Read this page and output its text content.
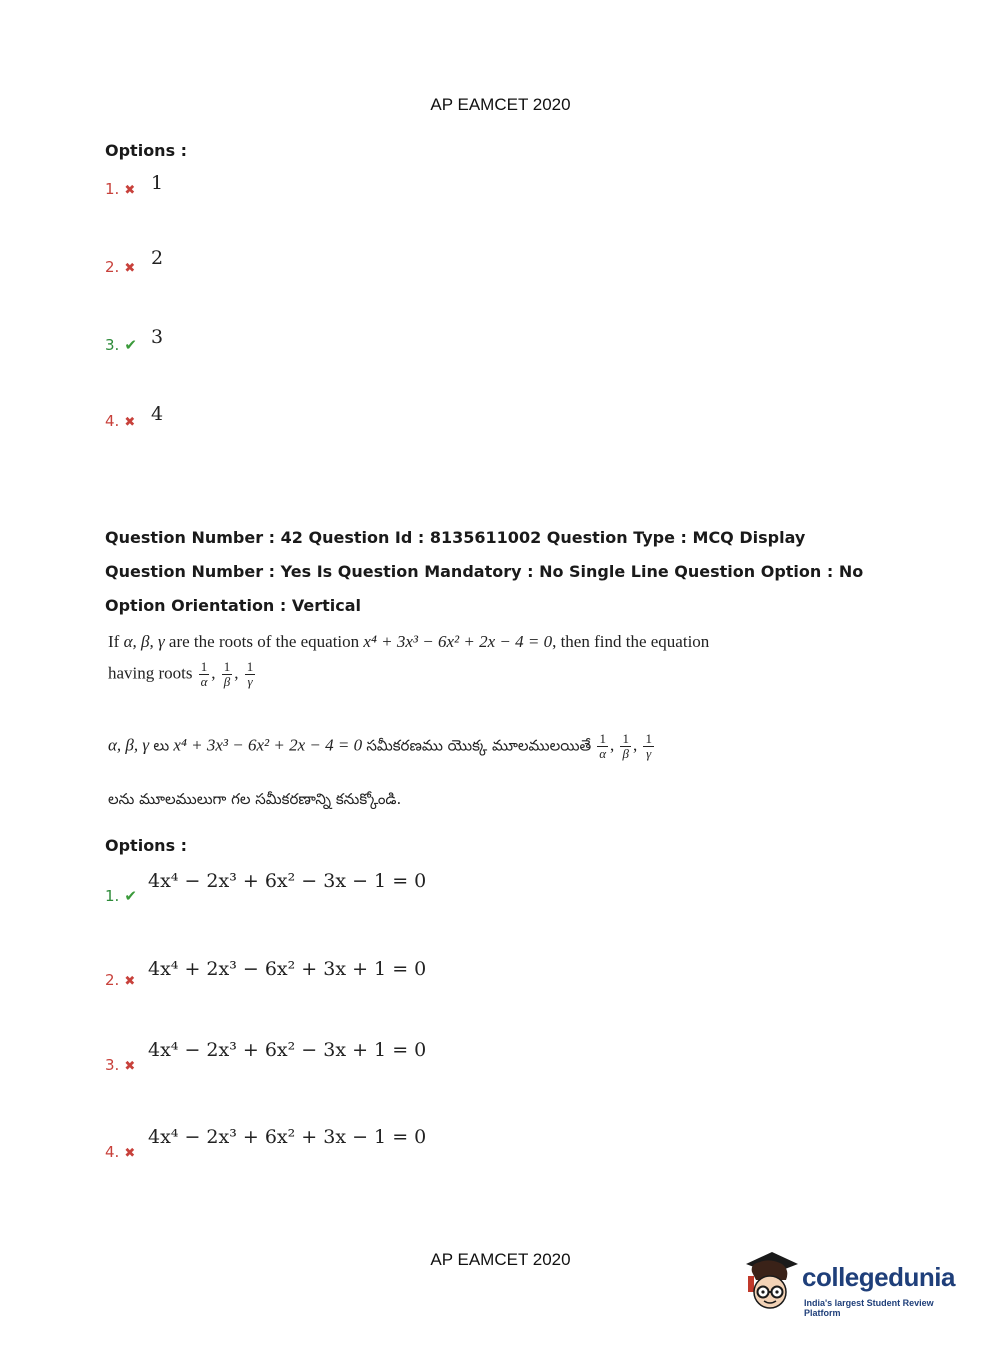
AP EAMCET 2020
Options :
1. ✖ 1
2. ✖ 2
3. ✔ 3
4. ✖ 4
Question Number : 42 Question Id : 8135611002 Question Type : MCQ Display Question Number : Yes Is Question Mandatory : No Single Line Question Option : No Option Orientation : Vertical
If α, β, γ are the roots of the equation x⁴ + 3x³ − 6x² + 2x − 4 = 0, then find the equation
having roots $\frac{1}{\alpha}$ , $\frac{1}{\beta}$ , $\frac{1}{\gamma}$
α, β, γ లు x⁴ + 3x³ − 6x² + 2x − 4 = 0 సమీకరణము యొక్క మూలములయితే $\frac{1}{\alpha}$ , $\frac{1}{\beta}$ , $\frac{1}{\gamma}$
లను మూలములుగా గల సమీకరణాన్ని కనుక్కోండి.
Options :
1. ✔
4x⁴ − 2x³ + 6x² − 3x − 1 = 0
2. ✖
4x⁴ + 2x³ − 6x² + 3x + 1 = 0
3. ✖
4x⁴ − 2x³ + 6x² − 3x + 1 = 0
4. ✖
4x⁴ − 2x³ + 6x² + 3x − 1 = 0
AP EAMCET 2020
collegedunia
India's largest Student Review Platform
